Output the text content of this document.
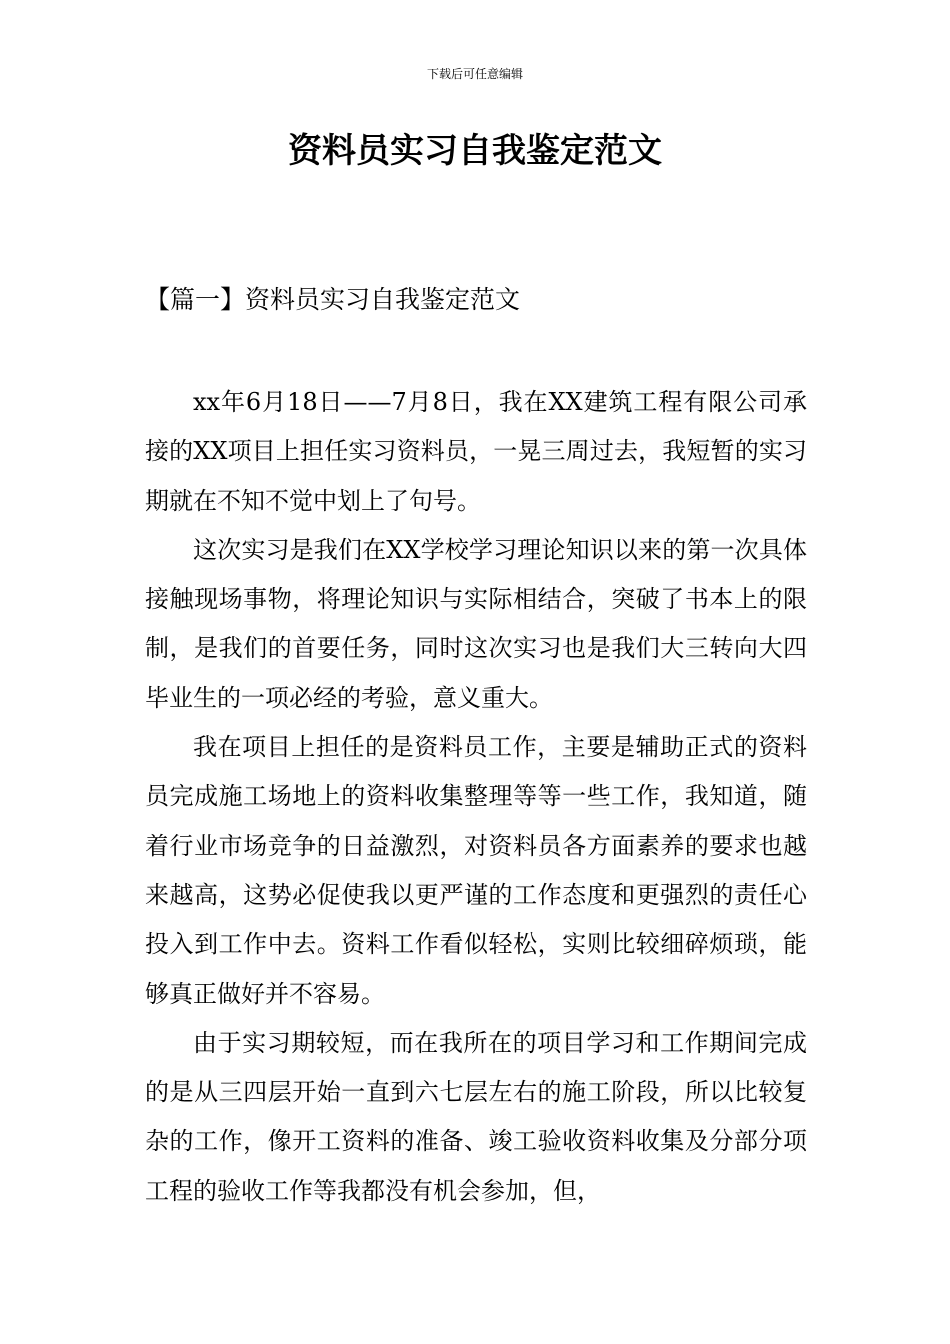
下载后可任意编辑
资料员实习自我鉴定范文
【篇一】资料员实习自我鉴定范文

xx年6月18日——7月8日，我在XX建筑工程有限公司承接的XX项目上担任实习资料员，一晃三周过去，我短暂的实习期就在不知不觉中划上了句号。

这次实习是我们在XX学校学习理论知识以来的第一次具体接触现场事物，将理论知识与实际相结合，突破了书本上的限制，是我们的首要任务，同时这次实习也是我们大三转向大四毕业生的一项必经的考验，意义重大。

我在项目上担任的是资料员工作，主要是辅助正式的资料员完成施工场地上的资料收集整理等等一些工作，我知道，随着行业市场竞争的日益激烈，对资料员各方面素养的要求也越来越高，这势必促使我以更严谨的工作态度和更强烈的责任心投入到工作中去。资料工作看似轻松，实则比较细碎烦琐，能够真正做好并不容易。

由于实习期较短，而在我所在的项目学习和工作期间完成的是从三四层开始一直到六七层左右的施工阶段，所以比较复杂的工作，像开工资料的准备、竣工验收资料收集及分部分项工程的验收工作等我都没有机会参加，但，
